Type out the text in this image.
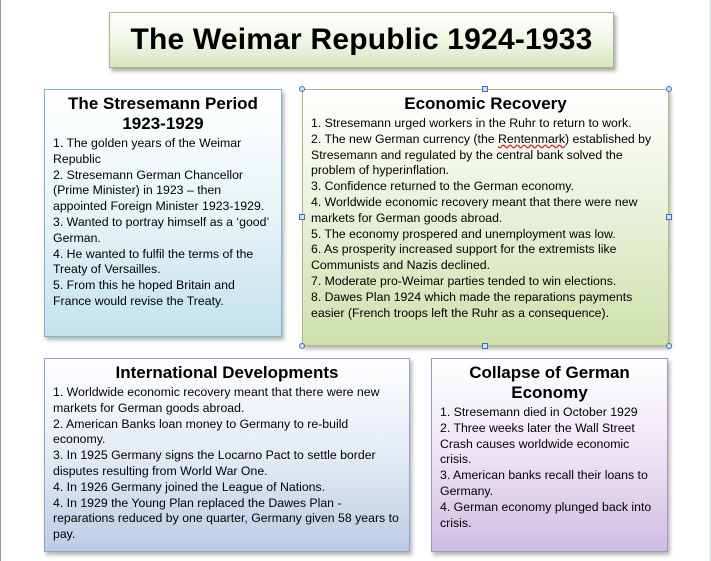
The Weimar Republic 1924-1933
The Stresemann Period 1923-1929
1. The golden years of the Weimar Republic
2. Stresemann German Chancellor (Prime Minister) in 1923 – then appointed Foreign Minister 1923-1929.
3. Wanted to portray himself as a ‘good’ German.
4. He wanted to fulfil the terms of the Treaty of Versailles.
5. From this he hoped Britain and France would revise the Treaty.
Economic Recovery
1. Stresemann urged workers in the Ruhr to return to work.
2. The new German currency (the Rentenmark) established by Stresemann and regulated by the central bank solved the problem of hyperinflation.
3. Confidence returned to the German economy.
4. Worldwide economic recovery meant that there were new markets for German goods abroad.
5. The economy prospered and unemployment was low.
6. As prosperity increased support for the extremists like Communists and Nazis declined.
7. Moderate pro-Weimar parties tended to win elections.
8. Dawes Plan 1924 which made the reparations payments easier (French troops left the Ruhr as a consequence).
International Developments
1. Worldwide economic recovery meant that there were new markets for German goods abroad.
2. American Banks loan money to Germany to re-build economy.
3. In 1925 Germany signs the Locarno Pact to settle border disputes resulting from World War One.
4. In 1926 Germany joined the League of Nations.
4. In 1929 the Young Plan replaced the Dawes Plan - reparations reduced by one quarter, Germany given 58 years to pay.
Collapse of German Economy
1. Stresemann died in October 1929
2. Three weeks later the Wall Street Crash causes worldwide economic crisis.
3. American banks recall their loans to Germany.
4. German economy plunged back into crisis.
